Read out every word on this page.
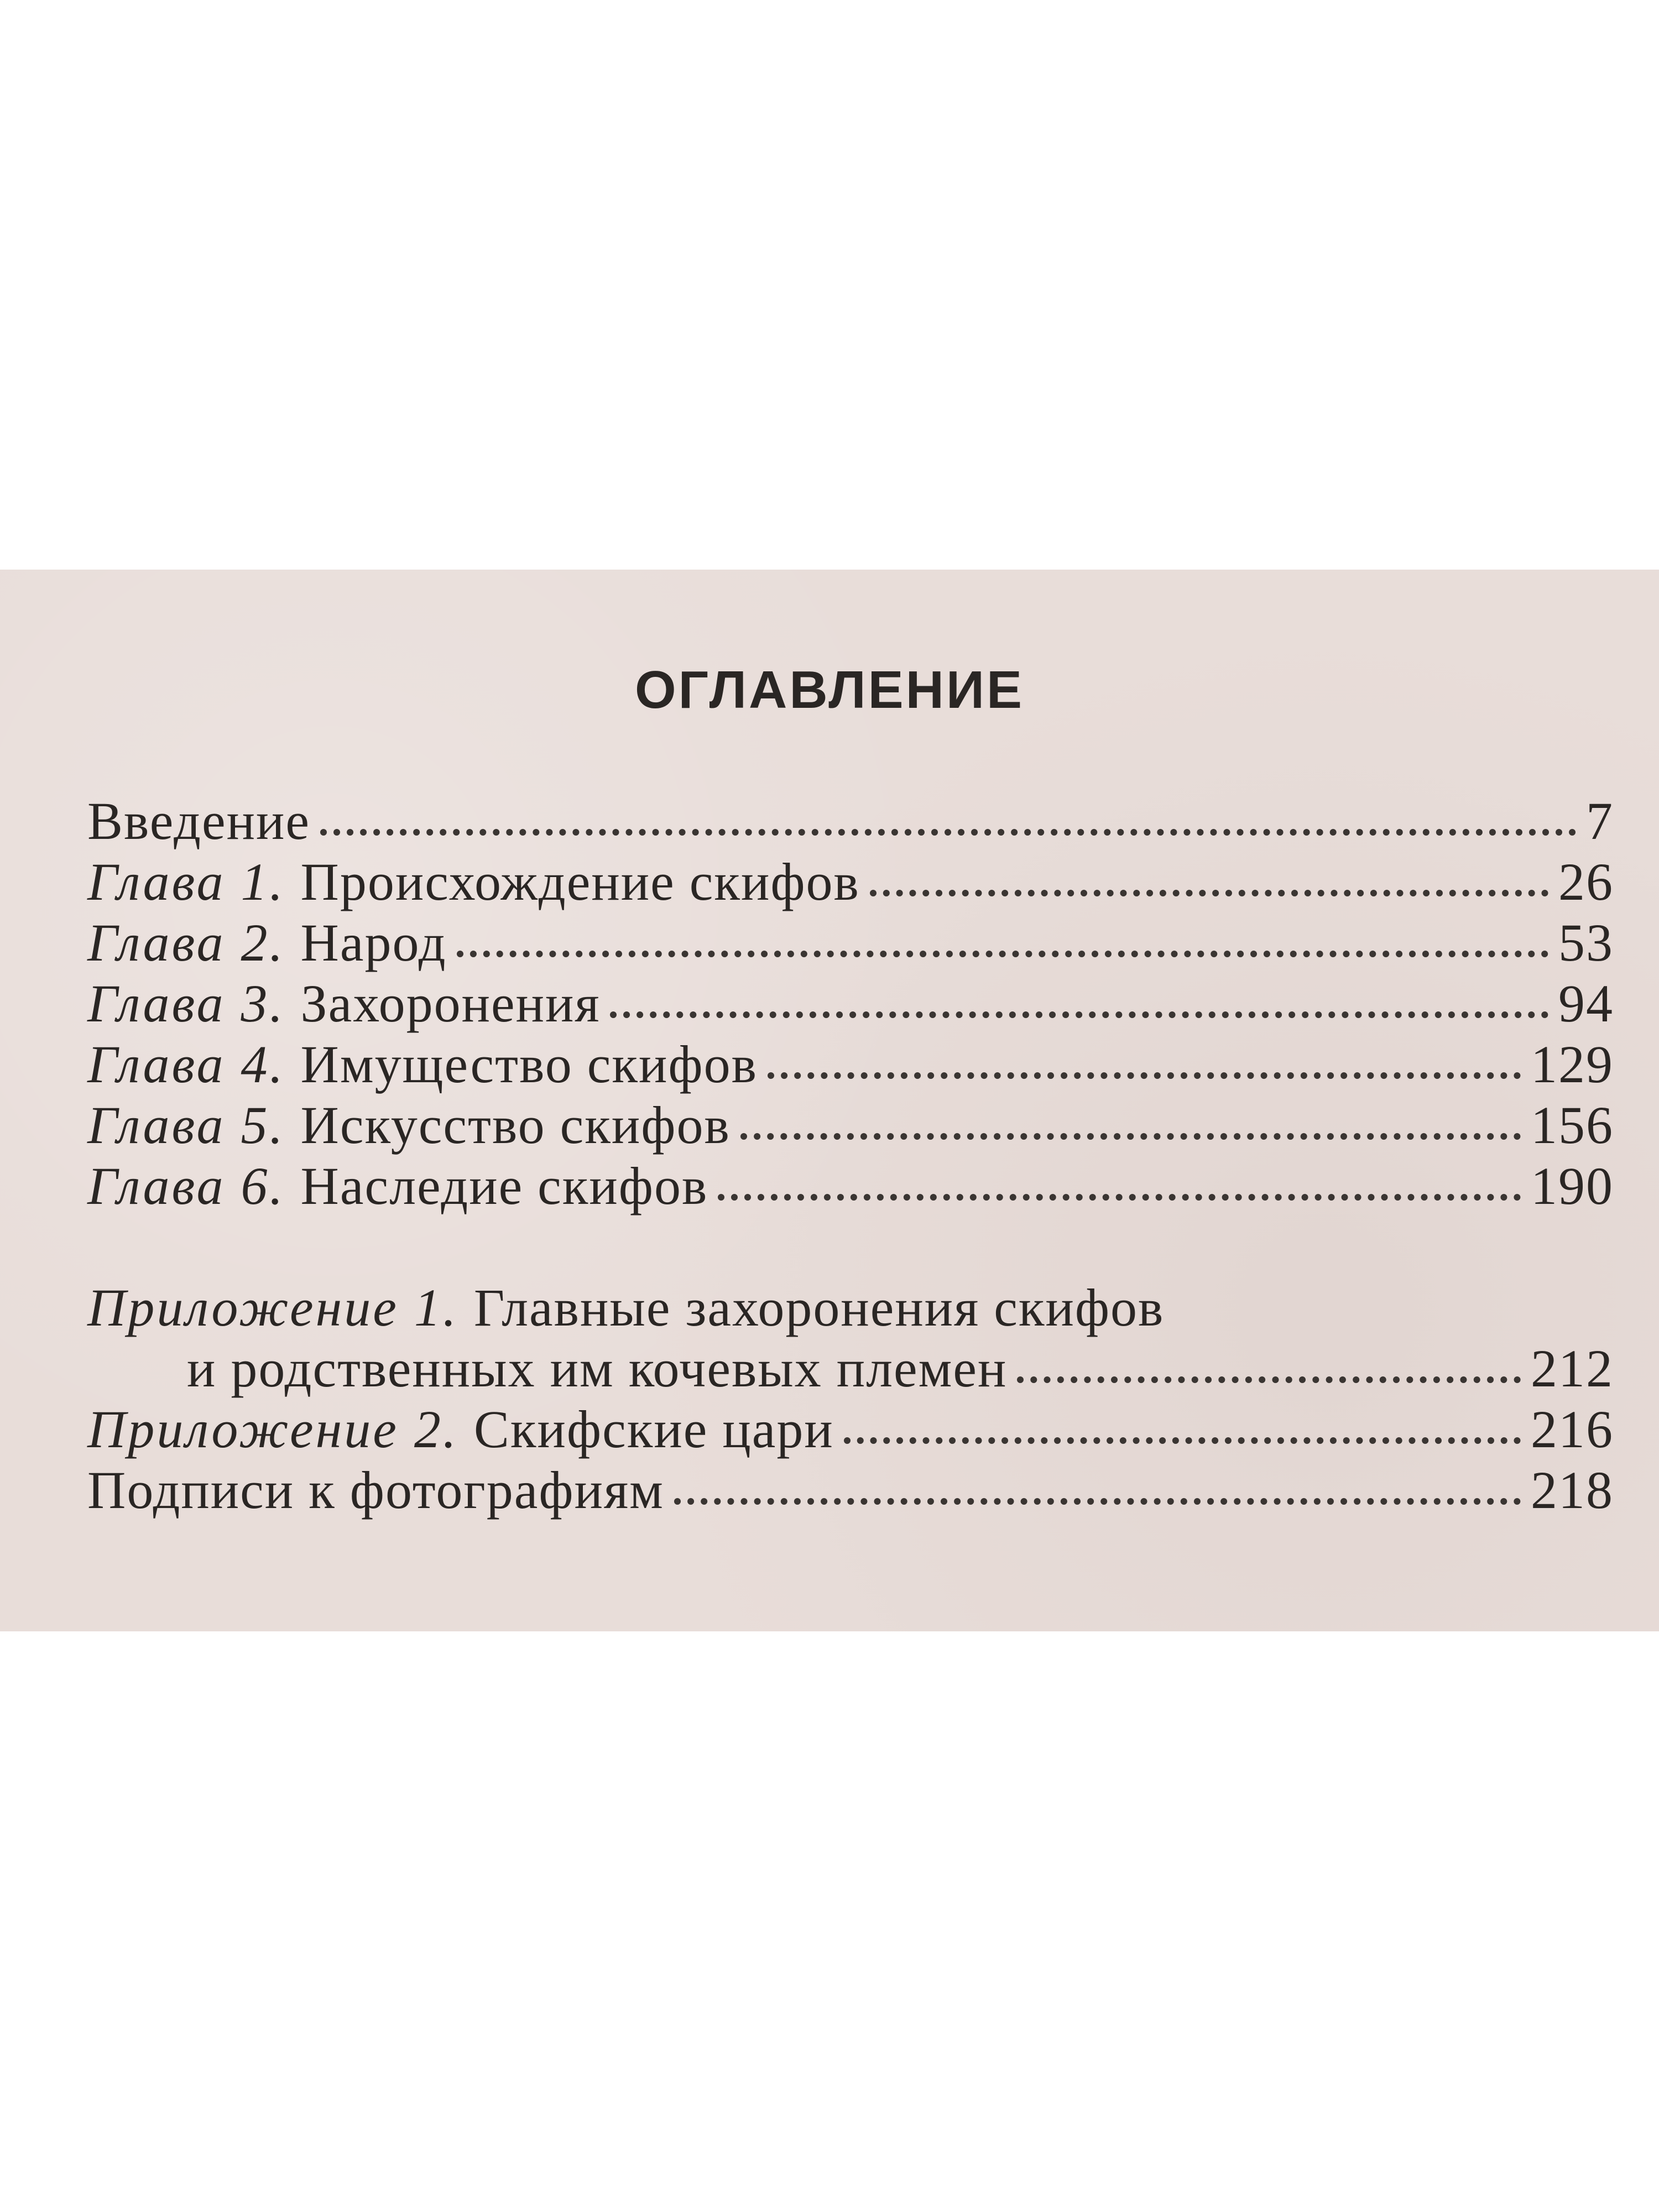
ОГЛАВЛЕНИЕ
Введение	7
Глава 1. Происхождение скифов	26
Глава 2. Народ	53
Глава 3. Захоронения	94
Глава 4. Имущество скифов	129
Глава 5. Искусство скифов	156
Глава 6. Наследие скифов	190
Приложение 1. Главные захоронения скифов
и родственных им кочевых племен	212
Приложение 2. Скифские цари	216
Подписи к фотографиям	218
